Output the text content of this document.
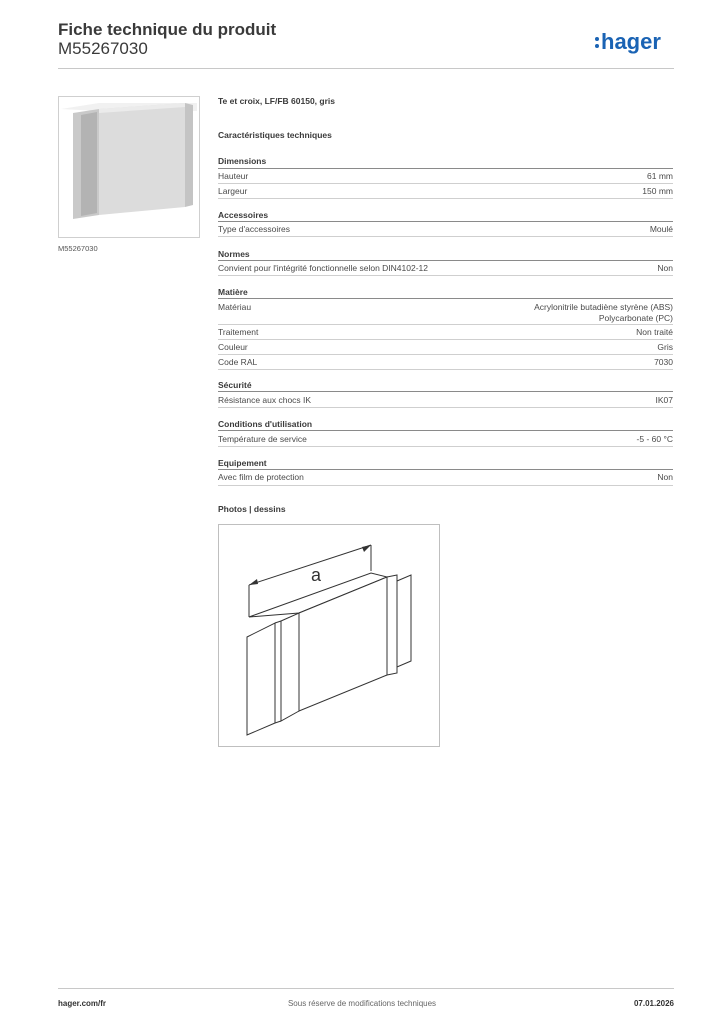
Fiche technique du produit
M55267030	hager
M55267030
Te et croix, LF/FB 60150, gris
Caractéristiques techniques
Dimensions
Hauteur	61 mm
Largeur	150 mm
Accessoires
Type d'accessoires	Moulé
Normes
Convient pour l'intégrité fonctionnelle selon DIN4102-12	Non
Matière
Matériau	Acrylonitrile butadiène styrène (ABS)
Polycarbonate (PC)
Traitement	Non traité
Couleur	Gris
Code RAL	7030
Sécurité
Résistance aux chocs IK	IK07
Conditions d'utilisation
Température de service	-5 - 60 °C
Equipement
Avec film de protection	Non
Photos | dessins
a
hager.com/fr	Sous réserve de modifications techniques	07.01.2026
